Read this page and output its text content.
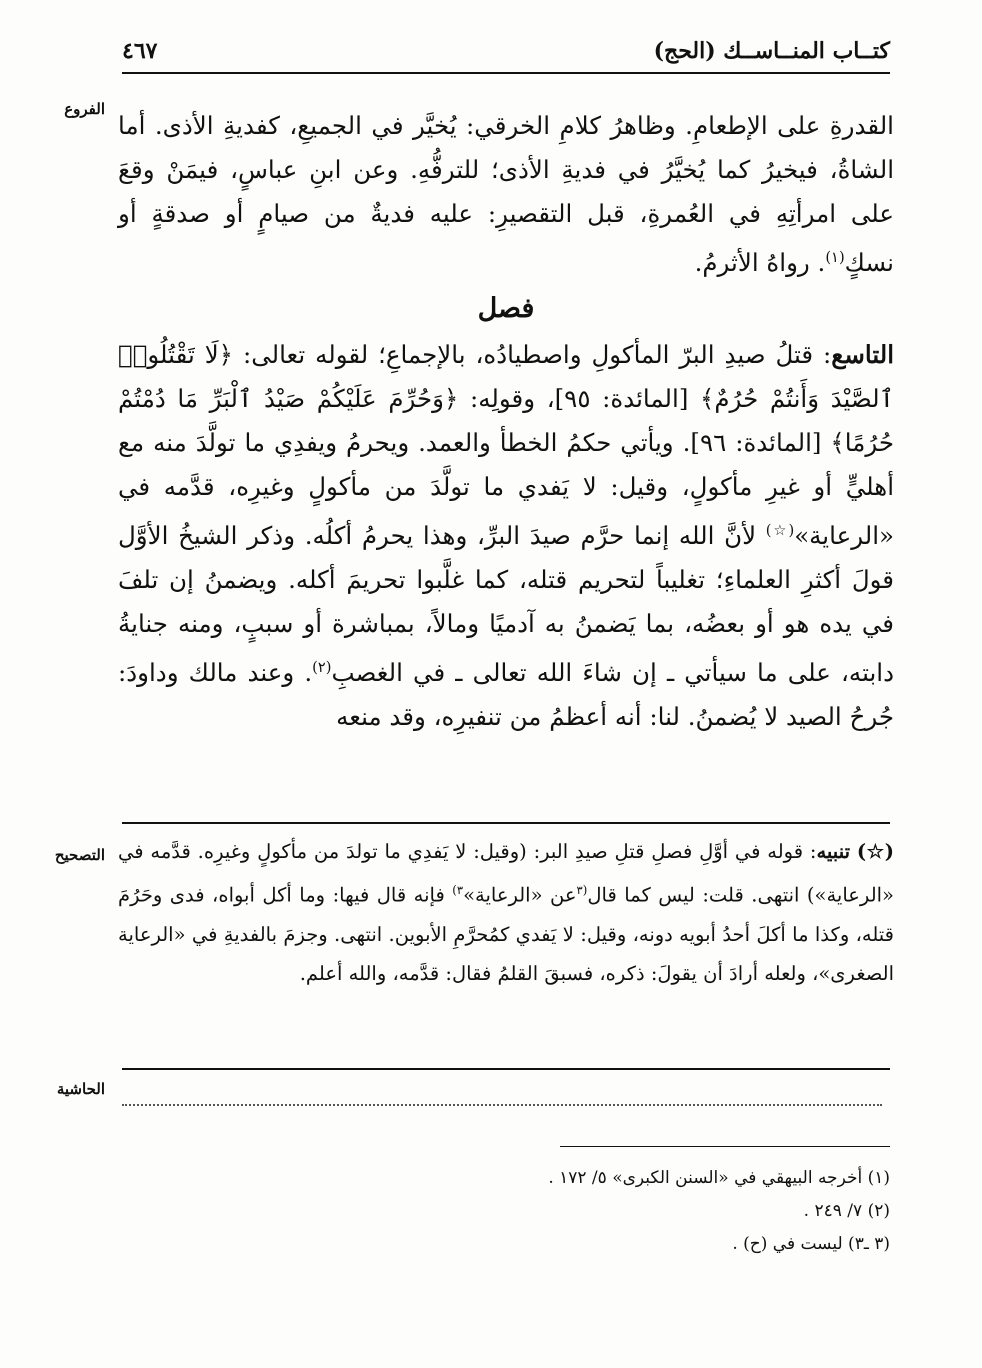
كتــاب المنــاســك (الحج)
٤٦٧
الفروع
التصحيح
الحاشية

القدرةِ على الإطعامِ. وظاهرُ كلامِ الخرقي: يُخيَّر في الجميعِ، كفديةِ الأذى. أما الشاةُ، فيخيرُ كما يُخيَّرُ في فديةِ الأذى؛ للترفُّهِ. وعن ابنِ عباسٍ، فيمَنْ وقعَ على امرأتِهِ في العُمرةِ، قبل التقصيرِ: عليه فديةٌ من صيامٍ أو صدقةٍ أو نسكٍ$^{(١)}$. رواهُ الأثرمُ.

فصل

التاسع: قتلُ صيدِ البرّ المأكولِ واصطيادُه، بالإجماعِ؛ لقوله تعالى: ﴿لَا تَقْتُلُوا۟ ٱلصَّيْدَ وَأَنتُمْ حُرُمٌ﴾ [المائدة: ٩٥]، وقولِه: ﴿وَحُرِّمَ عَلَيْكُمْ صَيْدُ ٱلْبَرِّ مَا دُمْتُمْ حُرُمًا﴾ [المائدة: ٩٦]. ويأتي حكمُ الخطأ والعمد. ويحرمُ ويفدِي ما تولَّدَ منه مع أهليٍّ أو غيرِ مأكولٍ، وقيل: لا يَفدي ما تولَّدَ من مأكولٍ وغيرِه، قدَّمه في «الرعاية»(☆) لأنَّ الله إنما حرَّم صيدَ البرِّ، وهذا يحرمُ أكلُه. وذكر الشيخُ الأوَّل قولَ أكثرِ العلماءِ؛ تغليباً لتحريم قتله، كما غلَّبوا تحريمَ أكله. ويضمنُ إن تلفَ في يده هو أو بعضُه، بما يَضمنُ به آدميًا ومالاً، بمباشرة أو سببٍ، ومنه جنايةُ دابته، على ما سيأتي ـ إن شاءَ الله تعالى ـ في الغصبِ$^{(٢)}$. وعند مالك وداودَ: جُرحُ الصيد لا يُضمنُ. لنا: أنه أعظمُ من تنفيرِه، وقد منعه

(☆) تنبيه: قوله في أوَّلِ فصلِ قتلِ صيدِ البر: (وقيل: لا يَفدِي ما تولدَ من مأكولٍ وغيرِه. قدَّمه في «الرعاية») انتهى. قلت: ليس كما قال$^{(٣}$عن «الرعاية»$^{٣)}$ فإنه قال فيها: وما أكل أبواه، فدى وحَرُمَ قتله، وكذا ما أكلَ أحدُ أبويه دونه، وقيل: لا يَفدي كمُحرَّمِ الأبوين. انتهى. وجزمَ بالفديةِ في «الرعاية الصغرى»، ولعله أرادَ أن يقولَ: ذكره، فسبقَ القلمُ فقال: قدَّمه، والله أعلم.

(١) أخرجه البيهقي في «السنن الكبرى» ٥/ ١٧٢ .

(٢) ٧/ ٢٤٩ .

(٣ ـ٣) ليست في (ح) .
